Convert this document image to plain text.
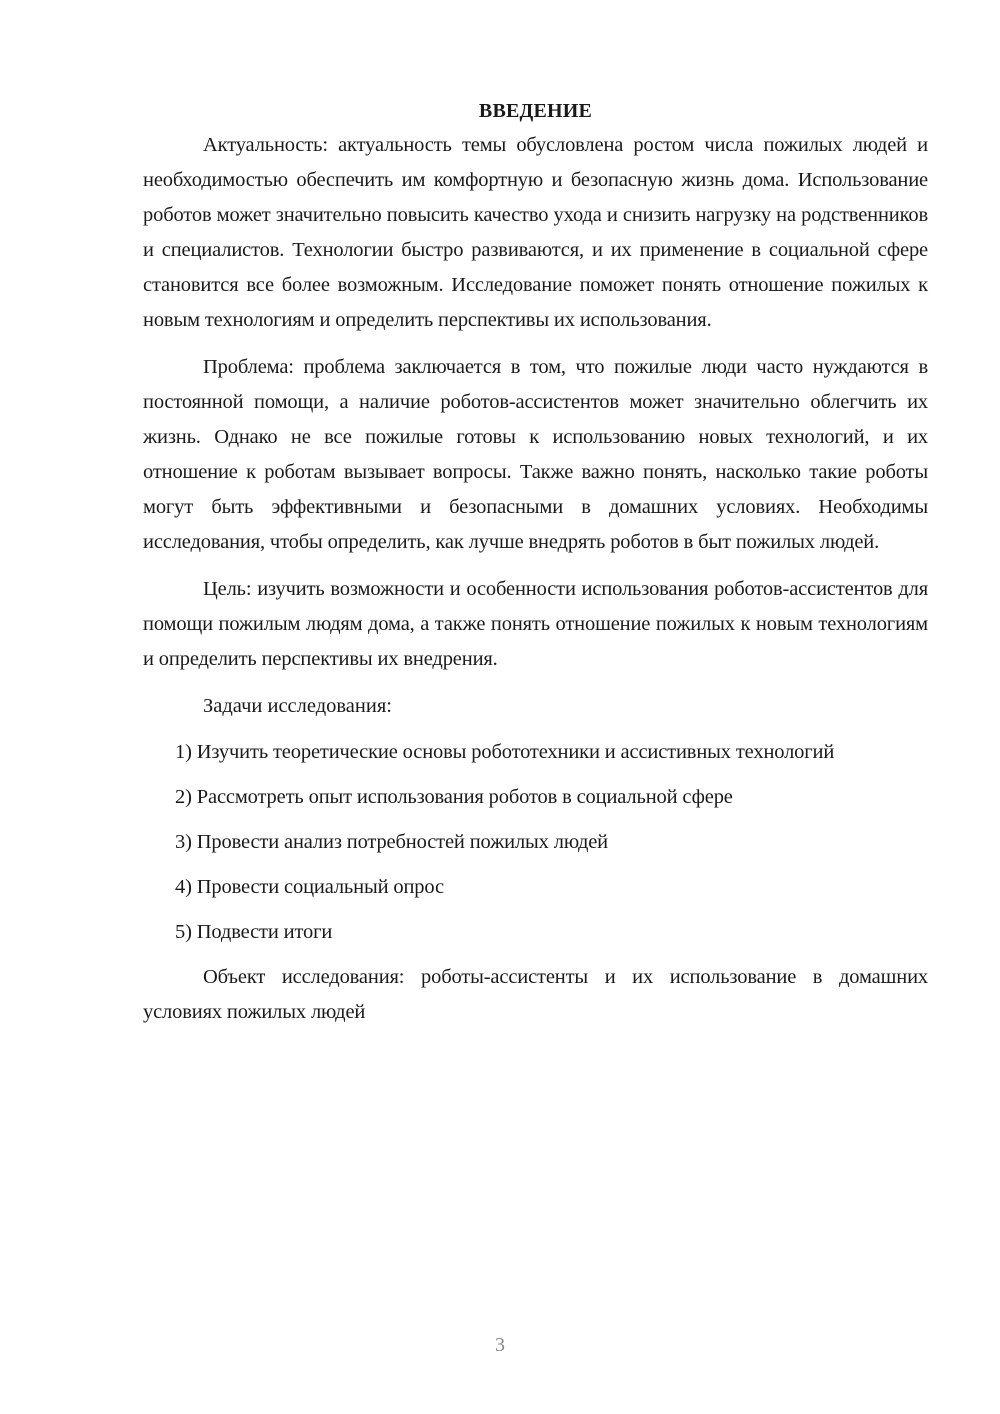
ВВЕДЕНИЕ

Актуальность: актуальность темы обусловлена ростом числа пожилых людей и необходимостью обеспечить им комфортную и безопасную жизнь дома. Использование роботов может значительно повысить качество ухода и снизить нагрузку на родственников и специалистов. Технологии быстро развиваются, и их применение в социальной сфере становится все более возможным. Исследование поможет понять отношение пожилых к новым технологиям и определить перспективы их использования.

Проблема: проблема заключается в том, что пожилые люди часто нуждаются в постоянной помощи, а наличие роботов-ассистентов может значительно облегчить их жизнь. Однако не все пожилые готовы к использованию новых технологий, и их отношение к роботам вызывает вопросы. Также важно понять, насколько такие роботы могут быть эффективными и безопасными в домашних условиях. Необходимы исследования, чтобы определить, как лучше внедрять роботов в быт пожилых людей.

Цель: изучить возможности и особенности использования роботов-ассистентов для помощи пожилым людям дома, а также понять отношение пожилых к новым технологиям и определить перспективы их внедрения.

Задачи исследования:

1) Изучить теоретические основы робототехники и ассистивных технологий

2) Рассмотреть опыт использования роботов в социальной сфере

3) Провести анализ потребностей пожилых людей

4) Провести социальный опрос

5) Подвести итоги

Объект исследования: роботы-ассистенты и их использование в домашних условиях пожилых людей

3
